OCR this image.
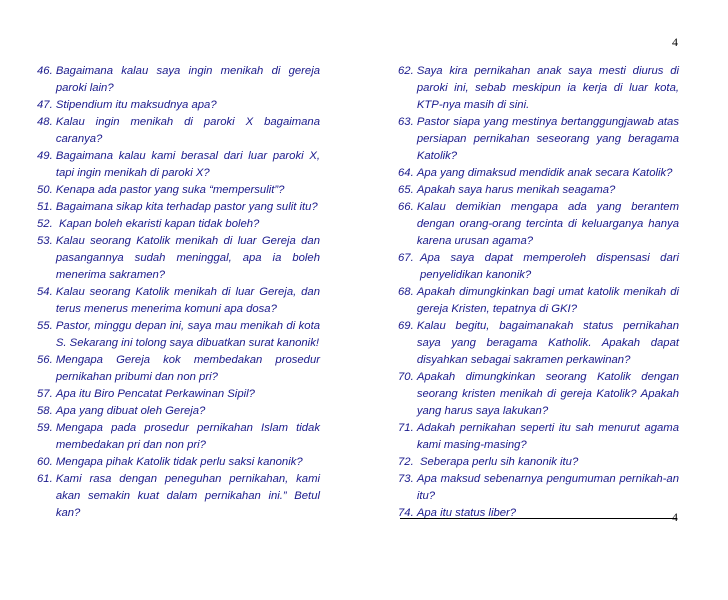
4
46. Bagaimana kalau saya ingin menikah di gereja paroki lain?
47. Stipendium itu maksudnya apa?
48. Kalau ingin menikah di paroki X bagaimana caranya?
49. Bagaimana kalau kami berasal dari luar paroki X, tapi ingin menikah di paroki X?
50. Kenapa ada pastor yang suka “mempersulit”?
51. Bagaimana sikap kita terhadap pastor yang sulit itu?
52. Kapan boleh ekaristi kapan tidak boleh?
53. Kalau seorang Katolik menikah di luar Gereja dan pasangannya sudah meninggal, apa ia boleh menerima sakramen?
54. Kalau seorang Katolik menikah di luar Gereja, dan terus menerus menerima komuni apa dosa?
55. Pastor, minggu depan ini, saya mau menikah di kota S. Sekarang ini tolong saya dibuatkan surat kanonik!
56. Mengapa Gereja kok membedakan prosedur pernikahan pribumi dan non pri?
57. Apa itu Biro Pencatat Perkawinan Sipil?
58. Apa yang dibuat oleh Gereja?
59. Mengapa pada prosedur pernikahan Islam tidak membedakan pri dan non pri?
60. Mengapa pihak Katolik tidak perlu saksi kanonik?
61. Kami rasa dengan peneguhan pernikahan, kami akan semakin kuat dalam pernikahan ini.” Betul kan?
62. Saya kira pernikahan anak saya mesti diurus di paroki ini, sebab meskipun ia kerja di luar kota, KTP-nya masih di sini.
63. Pastor siapa yang mestinya bertanggungjawab atas persiapan pernikahan seseorang yang beragama Katolik?
64. Apa yang dimaksud mendidik anak secara Katolik?
65. Apakah saya harus menikah seagama?
66. Kalau demikian mengapa ada yang berantem dengan orang-orang tercinta di keluarganya hanya karena urusan agama?
67. Apa saya dapat memperoleh dispensasi dari penyelidikan kanonik?
68. Apakah dimungkinkan bagi umat katolik menikah di gereja Kristen, tepatnya di GKI?
69. Kalau begitu, bagaimanakah status pernikahan saya yang beragama Katholik. Apakah dapat disyahkan sebagai sakramen perkawinan?
70. Apakah dimungkinkan seorang Katolik dengan seorang kristen menikah di gereja Katolik? Apakah yang harus saya lakukan?
71. Adakah pernikahan seperti itu sah menurut agama kami masing-masing?
72. Seberapa perlu sih kanonik itu?
73. Apa maksud sebenarnya pengumuman pernikah-an itu?
74. Apa itu status liber?	4
